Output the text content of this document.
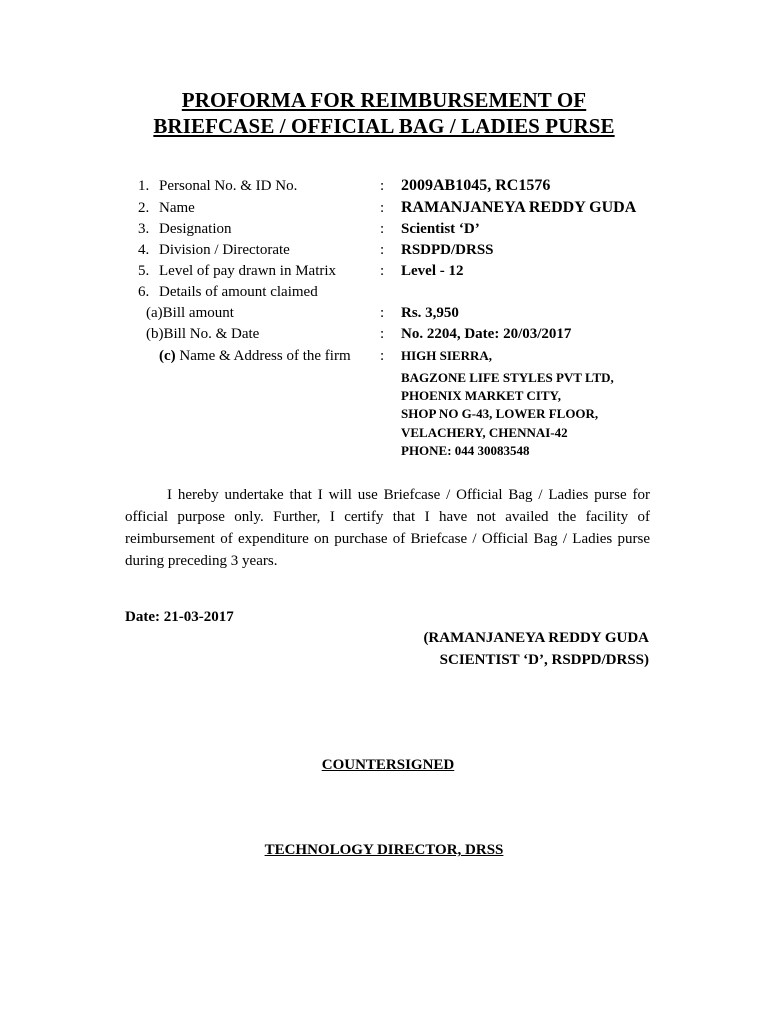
PROFORMA FOR REIMBURSEMENT OF
BRIEFCASE / OFFICIAL BAG / LADIES PURSE
1. Personal No. & ID No.	: 2009AB1045, RC1576
2. Name	: RAMANJANEYA REDDY GUDA
3. Designation	: Scientist ‘D’
4. Division / Directorate	: RSDPD/DRSS
5. Level of pay drawn in Matrix	: Level - 12
6. Details of amount claimed
(a)Bill amount	: Rs. 3,950
(b)Bill No. & Date	: No. 2204, Date: 20/03/2017
(c) Name & Address of the firm : HIGH SIERRA,
BAGZONE LIFE STYLES PVT LTD,
PHOENIX MARKET CITY,
SHOP NO G-43, LOWER FLOOR,
VELACHERY, CHENNAI-42
PHONE: 044 30083548
I hereby undertake that I will use Briefcase / Official Bag / Ladies purse for official purpose only. Further, I certify that I have not availed the facility of reimbursement of expenditure on purchase of Briefcase / Official Bag / Ladies purse during preceding 3 years.
Date: 21-03-2017
(RAMANJANEYA REDDY GUDA
SCIENTIST ‘D’, RSDPD/DRSS)
COUNTERSIGNED
TECHNOLOGY DIRECTOR, DRSS
